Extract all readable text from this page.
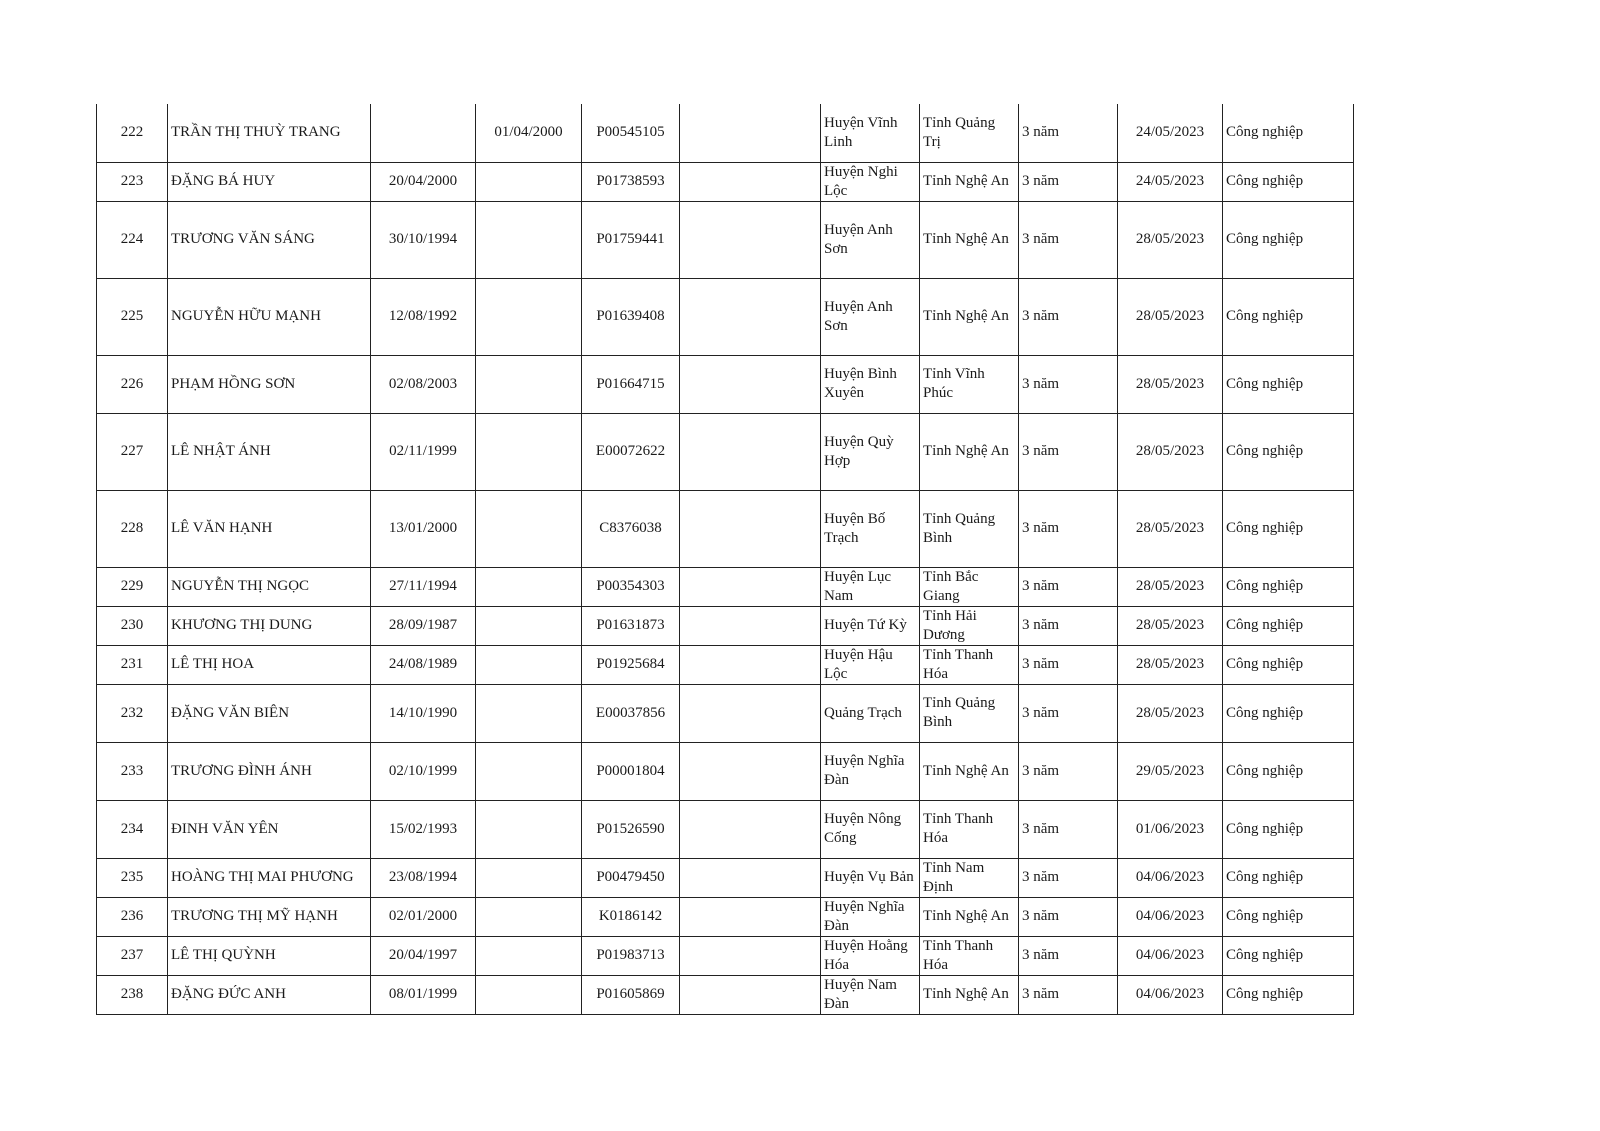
222	TRẦN THỊ THUỲ TRANG		01/04/2000	P00545105		Huyện Vĩnh Linh	Tỉnh Quảng Trị	3 năm	24/05/2023	Công nghiệp
223	ĐẶNG BÁ HUY	20/04/2000		P01738593		Huyện Nghi Lộc	Tỉnh Nghệ An	3 năm	24/05/2023	Công nghiệp
224	TRƯƠNG VĂN SÁNG	30/10/1994		P01759441		Huyện Anh Sơn	Tỉnh Nghệ An	3 năm	28/05/2023	Công nghiệp
225	NGUYỄN HỮU MẠNH	12/08/1992		P01639408		Huyện Anh Sơn	Tỉnh Nghệ An	3 năm	28/05/2023	Công nghiệp
226	PHẠM HỒNG SƠN	02/08/2003		P01664715		Huyện Bình Xuyên	Tỉnh Vĩnh Phúc	3 năm	28/05/2023	Công nghiệp
227	LÊ NHẬT ÁNH	02/11/1999		E00072622		Huyện Quỳ Hợp	Tỉnh Nghệ An	3 năm	28/05/2023	Công nghiệp
228	LÊ VĂN HẠNH	13/01/2000		C8376038		Huyện Bố Trạch	Tỉnh Quảng Bình	3 năm	28/05/2023	Công nghiệp
229	NGUYỄN THỊ NGỌC	27/11/1994		P00354303		Huyện Lục Nam	Tỉnh Bắc Giang	3 năm	28/05/2023	Công nghiệp
230	KHƯƠNG THỊ DUNG	28/09/1987		P01631873		Huyện Tứ Kỳ	Tỉnh Hải Dương	3 năm	28/05/2023	Công nghiệp
231	LÊ THỊ HOA	24/08/1989		P01925684		Huyện Hậu Lộc	Tỉnh Thanh Hóa	3 năm	28/05/2023	Công nghiệp
232	ĐẶNG VĂN BIÊN	14/10/1990		E00037856		Quảng Trạch	Tỉnh Quảng Bình	3 năm	28/05/2023	Công nghiệp
233	TRƯƠNG ĐÌNH ÁNH	02/10/1999		P00001804		Huyện Nghĩa Đàn	Tỉnh Nghệ An	3 năm	29/05/2023	Công nghiệp
234	ĐINH VĂN YÊN	15/02/1993		P01526590		Huyện Nông Cống	Tỉnh Thanh Hóa	3 năm	01/06/2023	Công nghiệp
235	HOÀNG THỊ MAI PHƯƠNG	23/08/1994		P00479450		Huyện Vụ Bản	Tỉnh Nam Định	3 năm	04/06/2023	Công nghiệp
236	TRƯƠNG THỊ MỸ HẠNH	02/01/2000		K0186142		Huyện Nghĩa Đàn	Tỉnh Nghệ An	3 năm	04/06/2023	Công nghiệp
237	LÊ THỊ QUỲNH	20/04/1997		P01983713		Huyện Hoằng Hóa	Tỉnh Thanh Hóa	3 năm	04/06/2023	Công nghiệp
238	ĐẶNG ĐỨC ANH	08/01/1999		P01605869		Huyện Nam Đàn	Tỉnh Nghệ An	3 năm	04/06/2023	Công nghiệp
